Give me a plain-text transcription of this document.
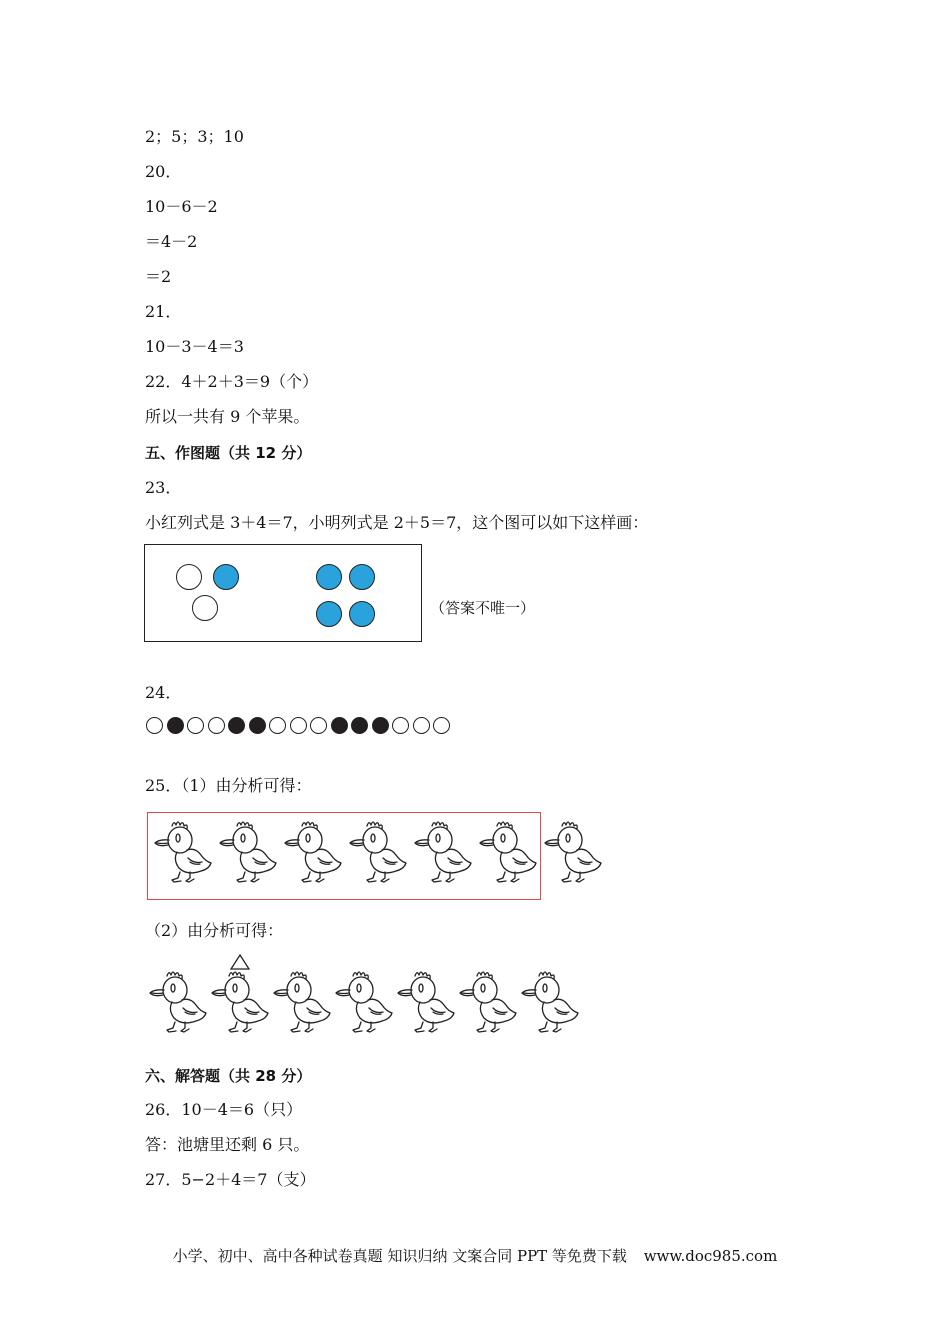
2；5；3；10
20．
10－6－2
＝4－2
＝2
21．
10－3－4＝3
22．4＋2＋3＝9（个）
所以一共有 9 个苹果。
五、作图题（共 12 分）
23．
小红列式是 3＋4＝7，小明列式是 2＋5＝7，这个图可以如下这样画：
（答案不唯一）
24．
25．（1）由分析可得：
（2）由分析可得：
六、解答题（共 28 分）
26．10－4＝6（只）
答：池塘里还剩 6 只。
27．5−2＋4＝7（支）
小学、初中、高中各种试卷真题 知识归纳 文案合同 PPT 等免费下载 www.doc985.com
